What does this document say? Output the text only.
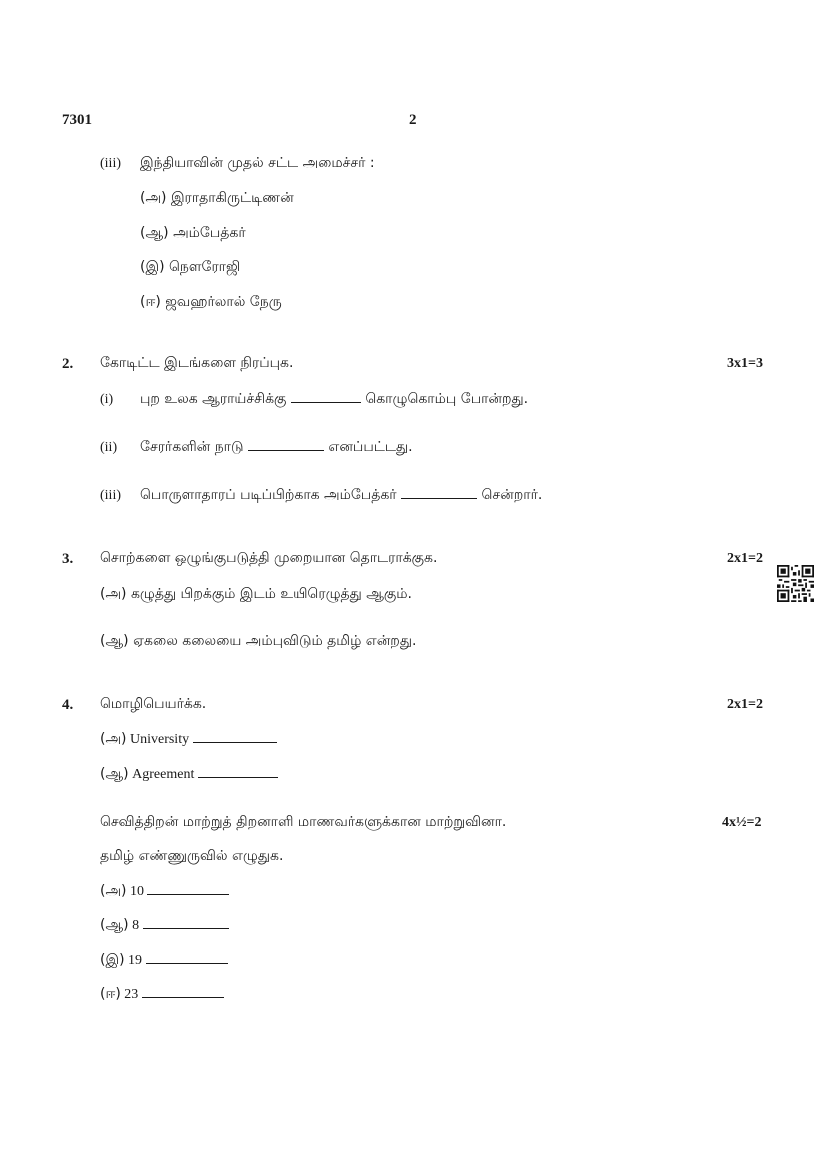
7301	2
(iii) இந்தியாவின் முதல் சட்ட அமைச்சர் :
(அ) இராதாகிருட்டிணன்
(ஆ) அம்பேத்கர்
(இ) நௌரோஜி
(ஈ) ஜவஹர்லால் நேரு
2. கோடிட்ட இடங்களை நிரப்புக.	3x1=3
(i) புற உலக ஆராய்ச்சிக்கு	கொழுகொம்பு போன்றது.
(ii) சேரர்களின் நாடு	எனப்பட்டது.
(iii) பொருளாதாரப் படிப்பிற்காக அம்பேத்கர்	சென்றார்.
3. சொற்களை ஒழுங்குபடுத்தி முறையான தொடராக்குக.	2x1=2
(அ) கழுத்து பிறக்கும் இடம் உயிரெழுத்து ஆகும்.
(ஆ) ஏகலை கலையை அம்புவிடும் தமிழ் என்றது.
4. மொழிபெயர்க்க.	2x1=2
(அ) University
(ஆ) Agreement
செவித்திறன் மாற்றுத் திறனாளி மாணவர்களுக்கான மாற்றுவினா.	4x½=2
தமிழ் எண்ணுருவில் எழுதுக.
(அ) 10
(ஆ) 8
(இ) 19
(ஈ) 23
